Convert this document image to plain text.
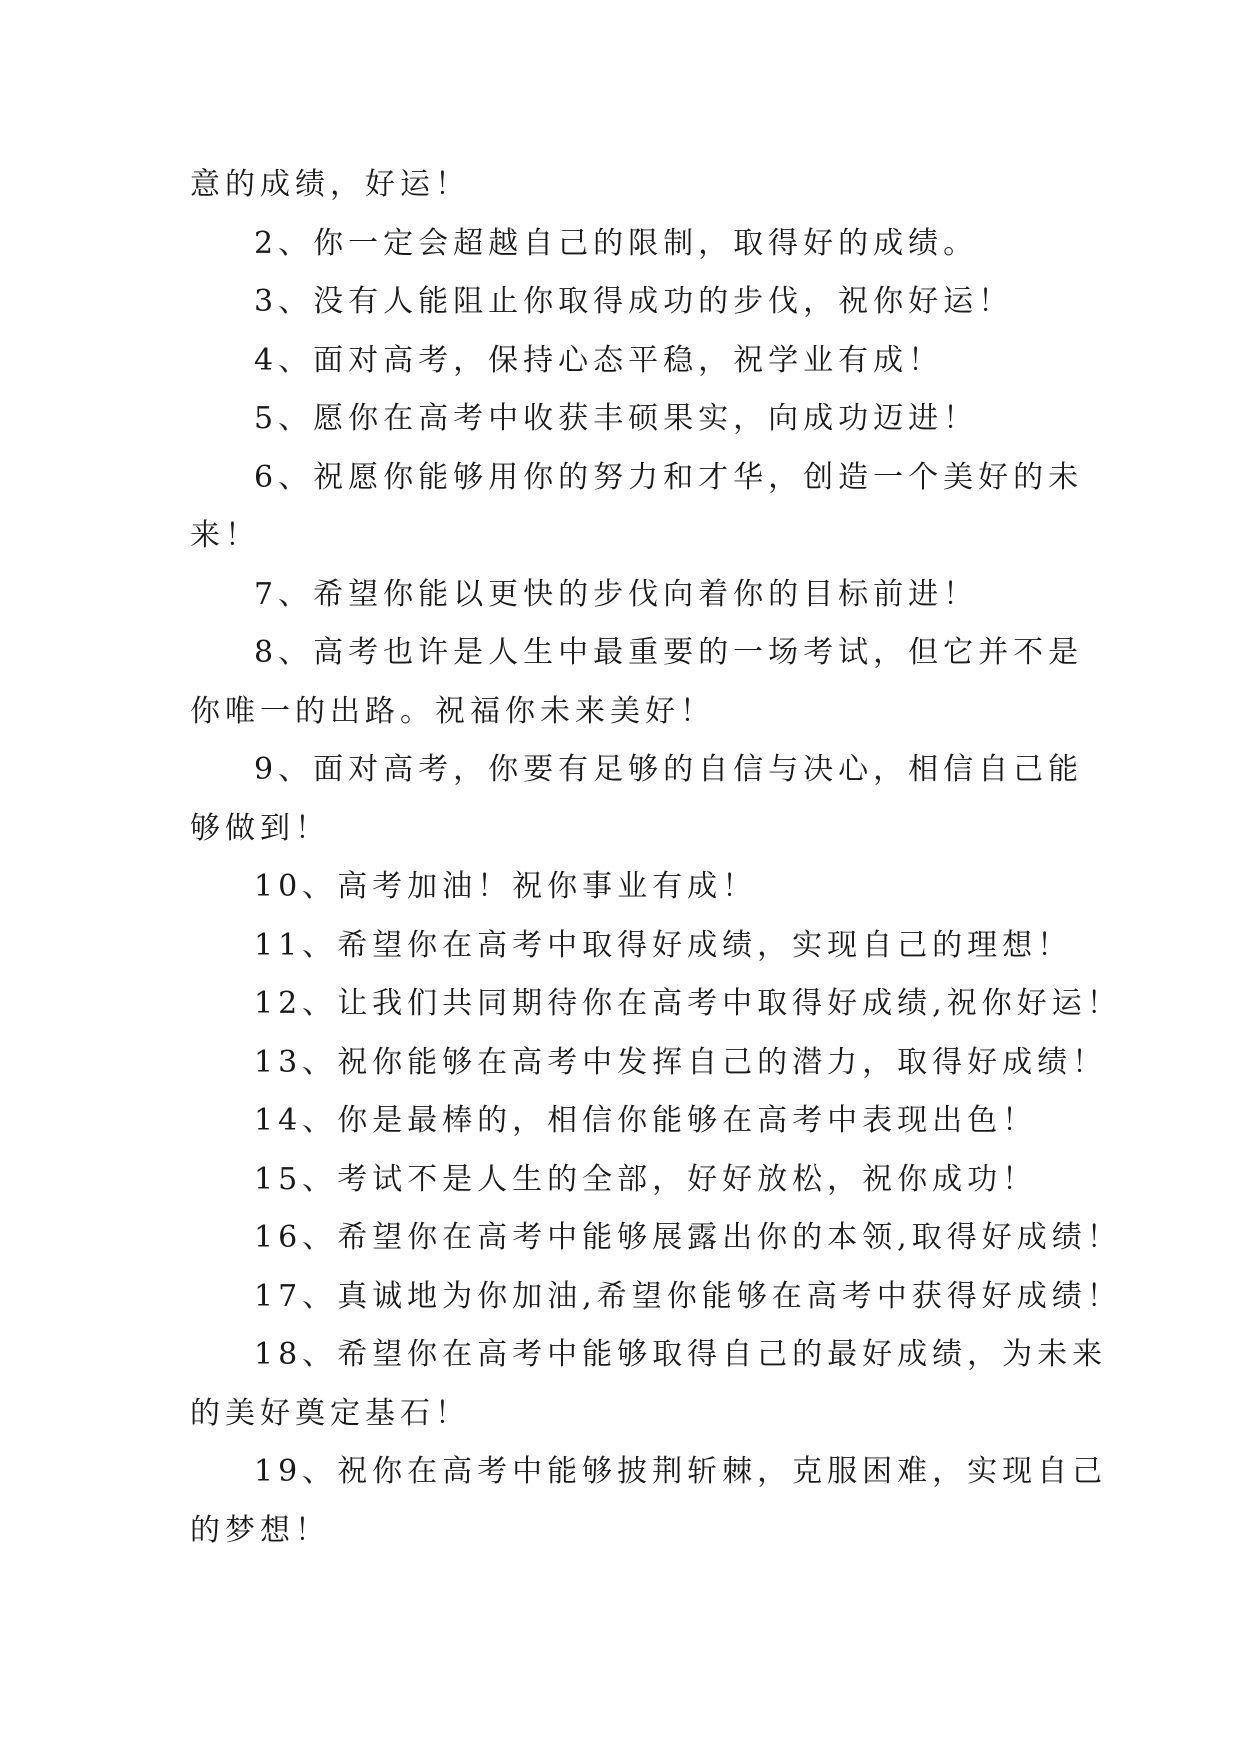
意的成绩，好运！

2、你一定会超越自己的限制，取得好的成绩。

3、没有人能阻止你取得成功的步伐，祝你好运！

4、面对高考，保持心态平稳，祝学业有成！

5、愿你在高考中收获丰硕果实，向成功迈进！

6、祝愿你能够用你的努力和才华，创造一个美好的未

来！

7、希望你能以更快的步伐向着你的目标前进！

8、高考也许是人生中最重要的一场考试，但它并不是

你唯一的出路。祝福你未来美好！

9、面对高考，你要有足够的自信与决心，相信自己能

够做到！

10、高考加油！祝你事业有成！

11、希望你在高考中取得好成绩，实现自己的理想！

12、让我们共同期待你在高考中取得好成绩,祝你好运！

13、祝你能够在高考中发挥自己的潜力，取得好成绩！

14、你是最棒的，相信你能够在高考中表现出色！

15、考试不是人生的全部，好好放松，祝你成功！

16、希望你在高考中能够展露出你的本领,取得好成绩！

17、真诚地为你加油,希望你能够在高考中获得好成绩！

18、希望你在高考中能够取得自己的最好成绩，为未来

的美好奠定基石！

19、祝你在高考中能够披荆斩棘，克服困难，实现自己

的梦想！
